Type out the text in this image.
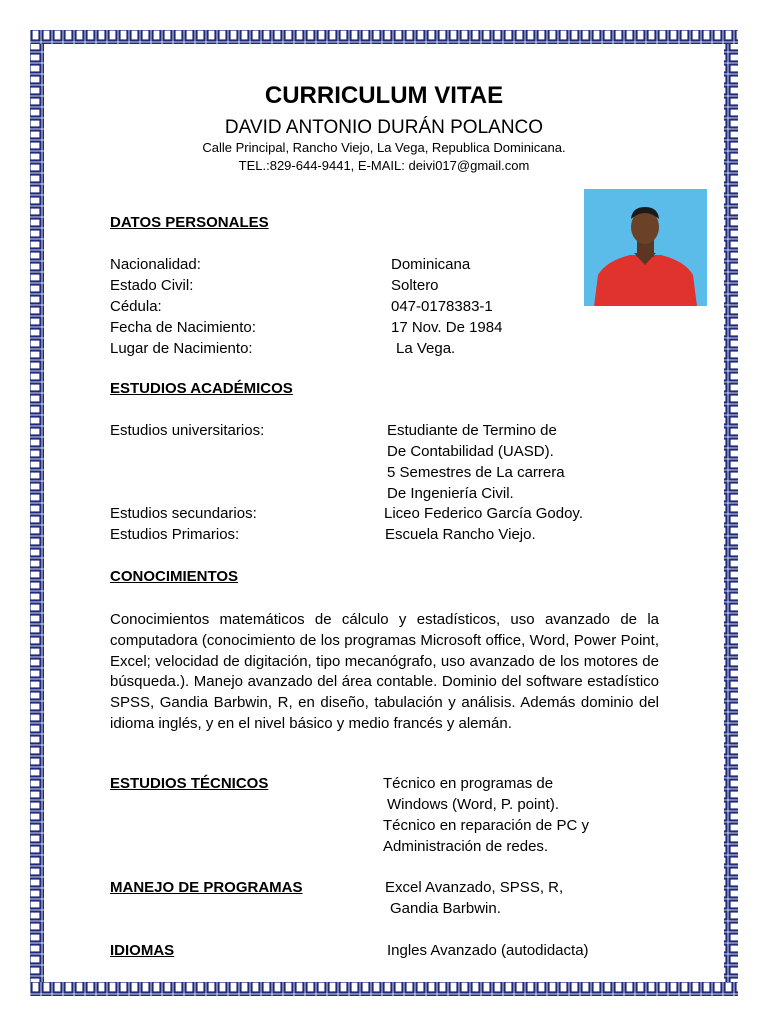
CURRICULUM VITAE
DAVID ANTONIO DURÁN POLANCO
Calle Principal, Rancho Viejo, La Vega, Republica Dominicana.
TEL.:829-644-9441, E-MAIL: deivi017@gmail.com
DATOS PERSONALES
Nacionalidad:	Dominicana
Estado Civil:	Soltero
Cédula:	047-0178383-1
Fecha de Nacimiento:	17 Nov. De 1984
Lugar de Nacimiento:	La Vega.
ESTUDIOS ACADÉMICOS
Estudios universitarios:	Estudiante de Termino de
De Contabilidad (UASD).
5 Semestres de La carrera
De Ingeniería Civil.
Estudios secundarios:	Liceo Federico García Godoy.
Estudios Primarios:	Escuela Rancho Viejo.
CONOCIMIENTOS
Conocimientos matemáticos de cálculo y estadísticos, uso avanzado de la computadora (conocimiento de los programas Microsoft office, Word, Power Point, Excel; velocidad de digitación, tipo mecanógrafo, uso avanzado de los motores de búsqueda.). Manejo avanzado del área contable. Dominio del software estadístico SPSS, Gandia Barbwin, R, en diseño, tabulación y análisis. Además dominio del idioma inglés, y en el nivel básico y medio francés y alemán.
ESTUDIOS TÉCNICOS	Técnico en programas de
Windows (Word, P. point).
Técnico en reparación de PC y
Administración de redes.
MANEJO DE PROGRAMAS	Excel Avanzado, SPSS, R,
Gandia Barbwin.
IDIOMAS	Ingles Avanzado (autodidacta)
